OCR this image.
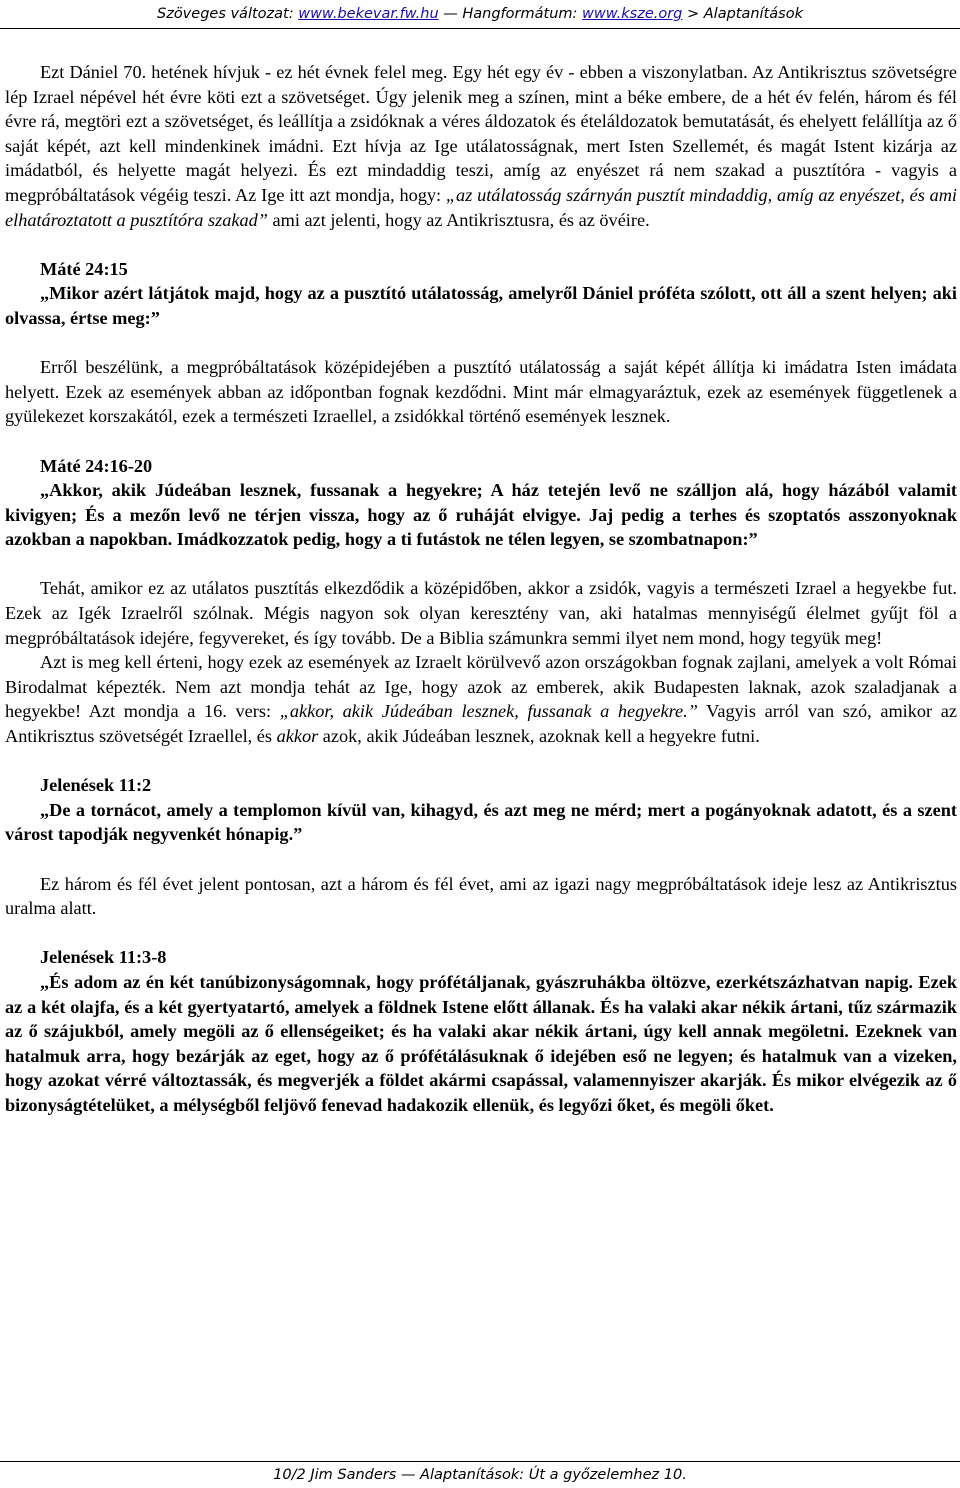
Szöveges változat: www.bekevar.fw.hu — Hangformátum: www.ksze.org > Alaptanítások

Ezt Dániel 70. hetének hívjuk - ez hét évnek felel meg. Egy hét egy év - ebben a viszonylatban. Az Antikrisztus szövetségre lép Izrael népével hét évre köti ezt a szövetséget. Úgy jelenik meg a színen, mint a béke embere, de a hét év felén, három és fél évre rá, megtöri ezt a szövetséget, és leállítja a zsidóknak a véres áldozatok és ételáldozatok bemutatását, és ehelyett felállítja az ő saját képét, azt kell mindenkinek imádni. Ezt hívja az Ige utálatosságnak, mert Isten Szellemét, és magát Istent kizárja az imádatból, és helyette magát helyezi. És ezt mindaddig teszi, amíg az enyészet rá nem szakad a pusztítóra - vagyis a megpróbáltatások végéig teszi. Az Ige itt azt mondja, hogy: „az utálatosság szárnyán pusztít mindaddig, amíg az enyészet, és ami elhatároztatott a pusztítóra szakad” ami azt jelenti, hogy az Antikrisztusra, és az övéire.

Máté 24:15

„Mikor azért látjátok majd, hogy az a pusztító utálatosság, amelyről Dániel próféta szólott, ott áll a szent helyen; aki olvassa, értse meg:”

Erről beszélünk, a megpróbáltatások középidejében a pusztító utálatosság a saját képét állítja ki imádatra Isten imádata helyett. Ezek az események abban az időpontban fognak kezdődni. Mint már elmagyaráztuk, ezek az események függetlenek a gyülekezet korszakától, ezek a természeti Izraellel, a zsidókkal történő események lesznek.

Máté 24:16-20

„Akkor, akik Júdeában lesznek, fussanak a hegyekre; A ház tetején levő ne szálljon alá, hogy házából valamit kivigyen; És a mezőn levő ne térjen vissza, hogy az ő ruháját elvigye. Jaj pedig a terhes és szoptatós asszonyoknak azokban a napokban. Imádkozzatok pedig, hogy a ti futástok ne télen legyen, se szombatnapon:”

Tehát, amikor ez az utálatos pusztítás elkezdődik a középidőben, akkor a zsidók, vagyis a természeti Izrael a hegyekbe fut. Ezek az Igék Izraelről szólnak. Mégis nagyon sok olyan keresztény van, aki hatalmas mennyiségű élelmet gyűjt föl a megpróbáltatások idejére, fegyvereket, és így tovább. De a Biblia számunkra semmi ilyet nem mond, hogy tegyük meg!

Azt is meg kell érteni, hogy ezek az események az Izraelt körülvevő azon országokban fognak zajlani, amelyek a volt Római Birodalmat képezték. Nem azt mondja tehát az Ige, hogy azok az emberek, akik Budapesten laknak, azok szaladjanak a hegyekbe! Azt mondja a 16. vers: „akkor, akik Júdeában lesznek, fussanak a hegyekre.” Vagyis arról van szó, amikor az Antikrisztus szövetségét Izraellel, és akkor azok, akik Júdeában lesznek, azoknak kell a hegyekre futni.

Jelenések 11:2

„De a tornácot, amely a templomon kívül van, kihagyd, és azt meg ne mérd; mert a pogányoknak adatott, és a szent várost tapodják negyvenkét hónapig.”

Ez három és fél évet jelent pontosan, azt a három és fél évet, ami az igazi nagy megpróbáltatások ideje lesz az Antikrisztus uralma alatt.

Jelenések 11:3-8

„És adom az én két tanúbizonyságomnak, hogy prófétáljanak, gyászruhákba öltözve, ezerkétszázhatvan napig. Ezek az a két olajfa, és a két gyertyatartó, amelyek a földnek Istene előtt állanak. És ha valaki akar nékik ártani, tűz származik az ő szájukból, amely megöli az ő ellenségeiket; és ha valaki akar nékik ártani, úgy kell annak megöletni. Ezeknek van hatalmuk arra, hogy bezárják az eget, hogy az ő prófétálásuknak ő idejében eső ne legyen; és hatalmuk van a vizeken, hogy azokat vérré változtassák, és megverjék a földet akármi csapással, valamennyiszer akarják. És mikor elvégezik az ő bizonyságtételüket, a mélységből feljövő fenevad hadakozik ellenük, és legyőzi őket, és megöli őket.

10/2 Jim Sanders — Alaptanítások: Út a győzelemhez 10.
